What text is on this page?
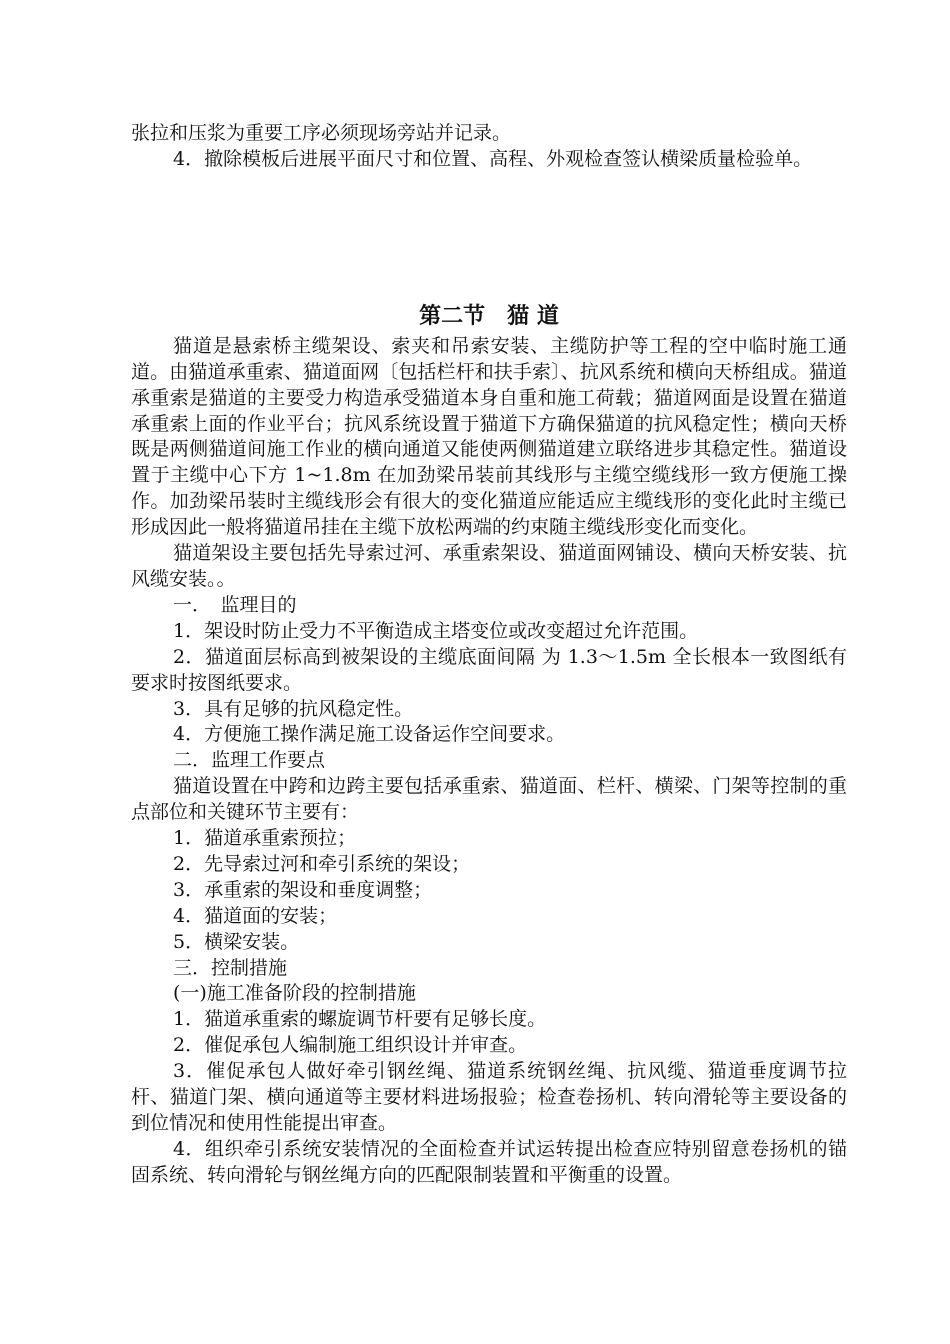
张拉和压浆为重要工序必须现场旁站并记录。

4．撤除模板后进展平面尺寸和位置、高程、外观检查签认横梁质量检验单。

第二节　猫 道

猫道是悬索桥主缆架设、索夹和吊索安装、主缆防护等工程的空中临时施工通道。由猫道承重索、猫道面网〔包括栏杆和扶手索〕、抗风系统和横向天桥组成。猫道承重索是猫道的主要受力构造承受猫道本身自重和施工荷载；猫道网面是设置在猫道承重索上面的作业平台；抗风系统设置于猫道下方确保猫道的抗风稳定性；横向天桥既是两侧猫道间施工作业的横向通道又能使两侧猫道建立联络进步其稳定性。猫道设置于主缆中心下方 1~1.8m 在加劲梁吊装前其线形与主缆空缆线形一致方便施工操作。加劲梁吊装时主缆线形会有很大的变化猫道应能适应主缆线形的变化此时主缆已形成因此一般将猫道吊挂在主缆下放松两端的约束随主缆线形变化而变化。

猫道架设主要包括先导索过河、承重索架设、猫道面网铺设、横向天桥安装、抗风缆安装。。

一．　监理目的

1．架设时防止受力不平衡造成主塔变位或改变超过允许范围。

2．猫道面层标高到被架设的主缆底面间隔 为 1.3～1.5m 全长根本一致图纸有要求时按图纸要求。

3．具有足够的抗风稳定性。

4．方便施工操作满足施工设备运作空间要求。

二．监理工作要点

猫道设置在中跨和边跨主要包括承重索、猫道面、栏杆、横梁、门架等控制的重点部位和关键环节主要有：

1．猫道承重索预拉；

2．先导索过河和牵引系统的架设；

3．承重索的架设和垂度调整；

4．猫道面的安装；

5．横梁安装。

三．控制措施

(一)施工准备阶段的控制措施

1．猫道承重索的螺旋调节杆要有足够长度。

2．催促承包人编制施工组织设计并审查。

3．催促承包人做好牵引钢丝绳、猫道系统钢丝绳、抗风缆、猫道垂度调节拉杆、猫道门架、横向通道等主要材料进场报验；检查卷扬机、转向滑轮等主要设备的到位情况和使用性能提出审查。

4．组织牵引系统安装情况的全面检查并试运转提出检查应特别留意卷扬机的锚固系统、转向滑轮与钢丝绳方向的匹配限制装置和平衡重的设置。
